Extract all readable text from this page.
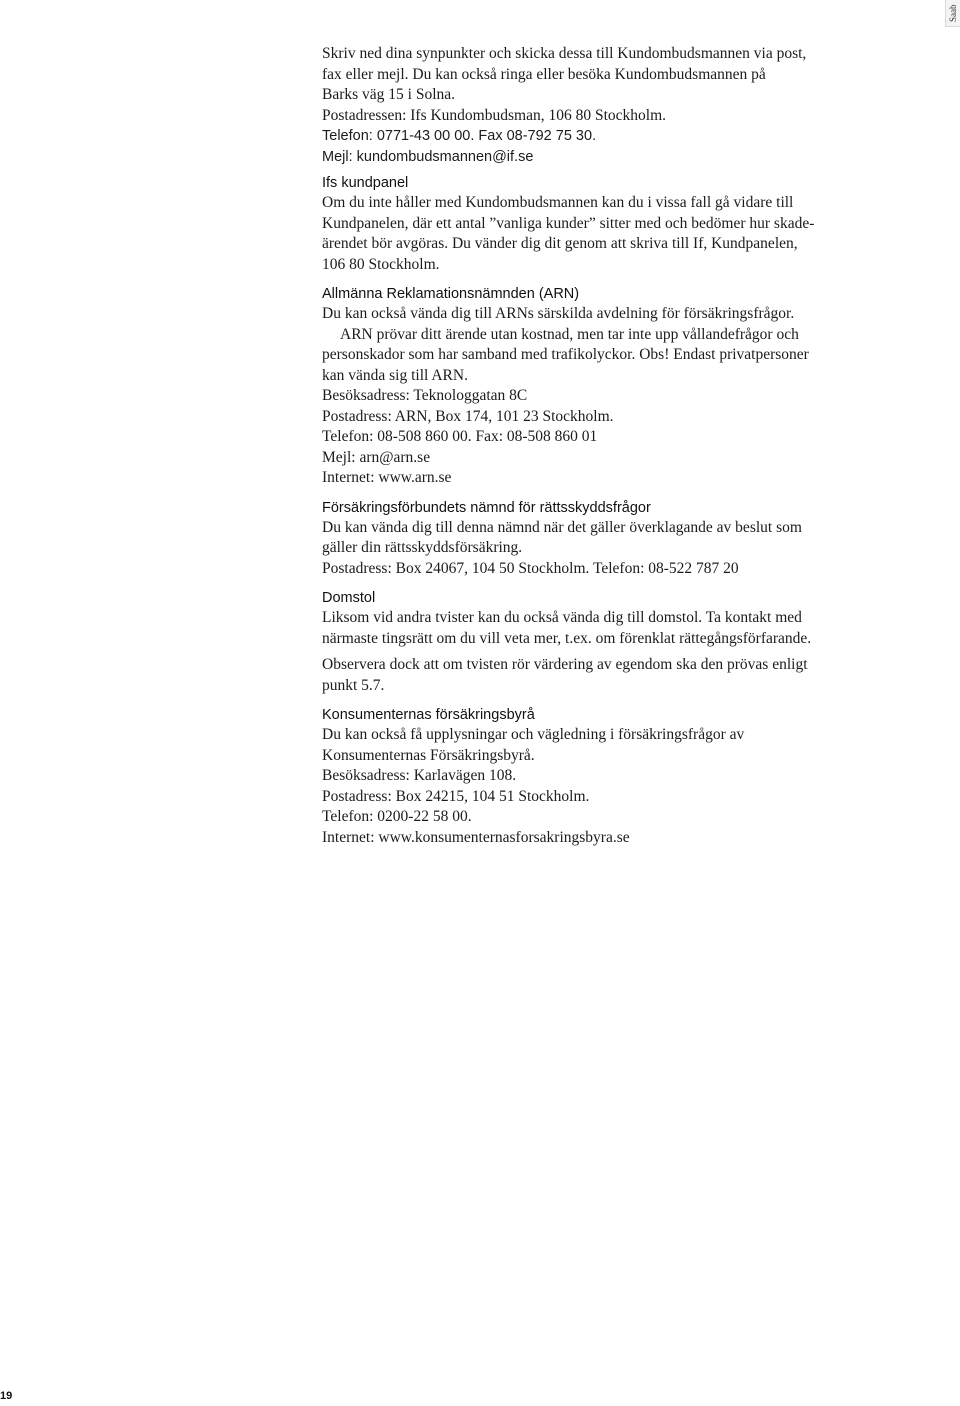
Saab
Skriv ned dina synpunkter och skicka dessa till Kundombudsmannen via post,
fax eller mejl. Du kan också ringa eller besöka Kundombudsmannen på
Barks väg 15 i Solna.
Postadressen: Ifs Kundombudsman, 106 80 Stockholm.
Telefon: 0771-43 00 00. Fax 08-792 75 30.
Mejl: kundombudsmannen@if.se
Ifs kundpanel
Om du inte håller med Kundombudsmannen kan du i vissa fall gå vidare till
Kundpanelen, där ett antal ”vanliga kunder” sitter med och bedömer hur skade-
ärendet bör avgöras. Du vänder dig dit genom att skriva till If, Kundpanelen,
106 80 Stockholm.
Allmänna Reklamationsnämnden (ARN)
Du kan också vända dig till ARNs särskilda avdelning för försäkringsfrågor.
ARN prövar ditt ärende utan kostnad, men tar inte upp vållandefrågor och
personskador som har samband med trafikolyckor. Obs! Endast privatpersoner
kan vända sig till ARN.
Besöksadress: Teknologgatan 8C
Postadress: ARN, Box 174, 101 23 Stockholm.
Telefon: 08-508 860 00. Fax: 08-508 860 01
Mejl: arn@arn.se
Internet: www.arn.se
Försäkringsförbundets nämnd för rättsskyddsfrågor
Du kan vända dig till denna nämnd när det gäller överklagande av beslut som
gäller din rättsskyddsförsäkring.
Postadress: Box 24067, 104 50 Stockholm. Telefon: 08-522 787 20
Domstol
Liksom vid andra tvister kan du också vända dig till domstol. Ta kontakt med
närmaste tingsrätt om du vill veta mer, t.ex. om förenklat rättegångsförfarande.
Observera dock att om tvisten rör värdering av egendom ska den prövas enligt
punkt 5.7.
Konsumenternas försäkringsbyrå
Du kan också få upplysningar och vägledning i försäkringsfrågor av
Konsumenternas Försäkringsbyrå.
Besöksadress: Karlavägen 108.
Postadress: Box 24215, 104 51 Stockholm.
Telefon: 0200-22 58 00.
Internet: www.konsumenternasforsakringsbyra.se
19
